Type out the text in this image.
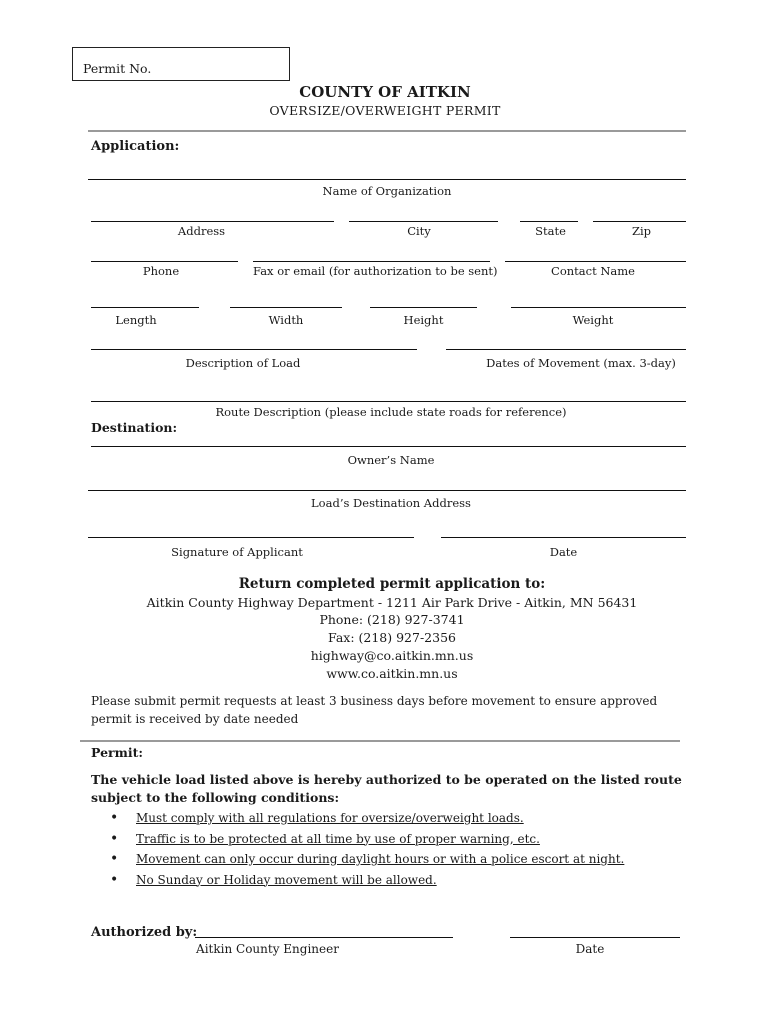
Permit No.
COUNTY OF AITKIN
OVERSIZE/OVERWEIGHT PERMIT
Application:
Name of Organization
Address	City	State	Zip
Phone	Fax or email (for authorization to be sent)	Contact Name
Length	Width	Height	Weight
Description of Load	Dates of Movement (max. 3-day)
Route Description (please include state roads for reference)
Destination:
Owner’s Name
Load’s Destination Address
Signature of Applicant	Date
Return completed permit application to:
Aitkin County Highway Department - 1211 Air Park Drive - Aitkin, MN 56431
Phone: (218) 927-3741
Fax: (218) 927-2356
highway@co.aitkin.mn.us
www.co.aitkin.mn.us
Please submit permit requests at least 3 business days before movement to ensure approved permit is received by date needed
Permit:
The vehicle load listed above is hereby authorized to be operated on the listed route subject to the following conditions:
• Must comply with all regulations for oversize/overweight loads.
• Traffic is to be protected at all time by use of proper warning, etc.
• Movement can only occur during daylight hours or with a police escort at night.
• No Sunday or Holiday movement will be allowed.
Authorized by:
Aitkin County Engineer	Date
